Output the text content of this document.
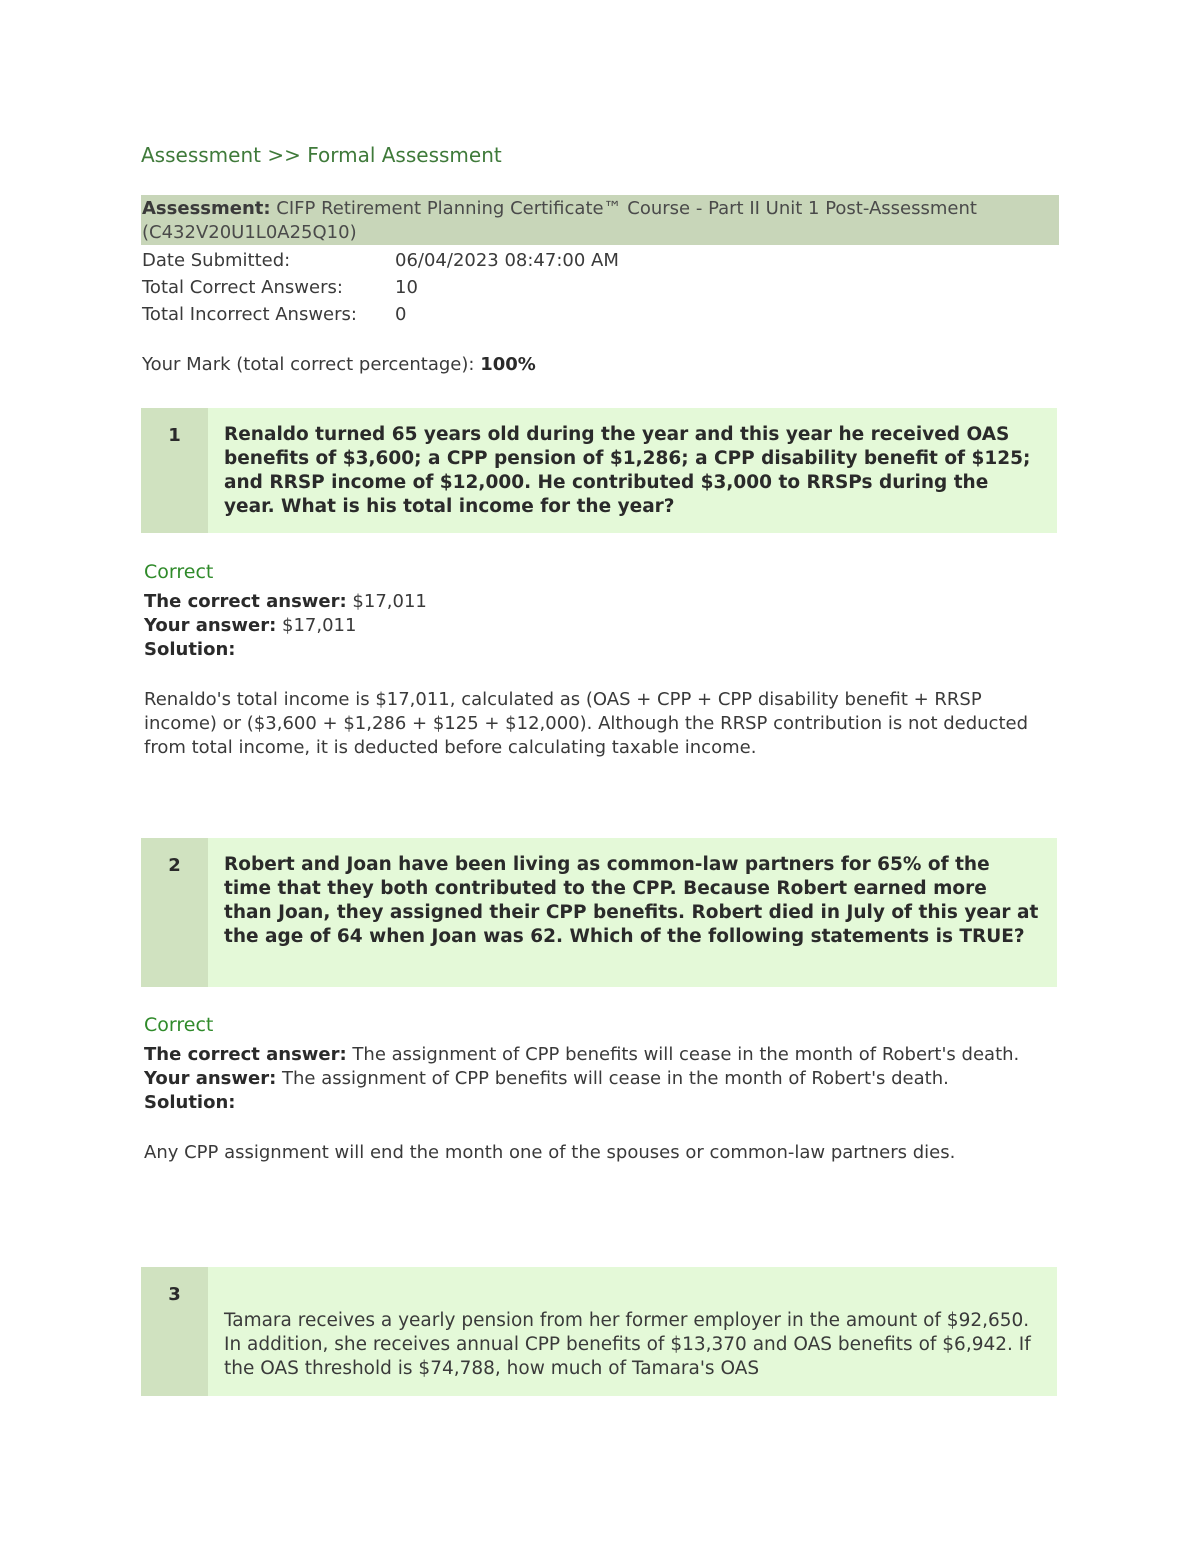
Assessment >> Formal Assessment
Assessment: CIFP Retirement Planning Certificate™ Course - Part II Unit 1 Post-Assessment (C432V20U1L0A25Q10)
Date Submitted:	06/04/2023 08:47:00 AM
Total Correct Answers:	10
Total Incorrect Answers: 0
Your Mark (total correct percentage): 100%
1	Renaldo turned 65 years old during the year and this year he received OAS benefits of $3,600; a CPP pension of $1,286; a CPP disability benefit of $125; and RRSP income of $12,000. He contributed $3,000 to RRSPs during the year. What is his total income for the year?
Correct
The correct answer: $17,011
Your answer: $17,011
Solution:
Renaldo's total income is $17,011, calculated as (OAS + CPP + CPP disability benefit + RRSP income) or ($3,600 + $1,286 + $125 + $12,000). Although the RRSP contribution is not deducted from total income, it is deducted before calculating taxable income.
2	Robert and Joan have been living as common-law partners for 65% of the time that they both contributed to the CPP. Because Robert earned more than Joan, they assigned their CPP benefits. Robert died in July of this year at the age of 64 when Joan was 62. Which of the following statements is TRUE?
Correct
The correct answer: The assignment of CPP benefits will cease in the month of Robert's death.
Your answer: The assignment of CPP benefits will cease in the month of Robert's death.
Solution:
Any CPP assignment will end the month one of the spouses or common-law partners dies.
3
Tamara receives a yearly pension from her former employer in the amount of $92,650. In addition, she receives annual CPP benefits of $13,370 and OAS benefits of $6,942. If the OAS threshold is $74,788, how much of Tamara's OAS
